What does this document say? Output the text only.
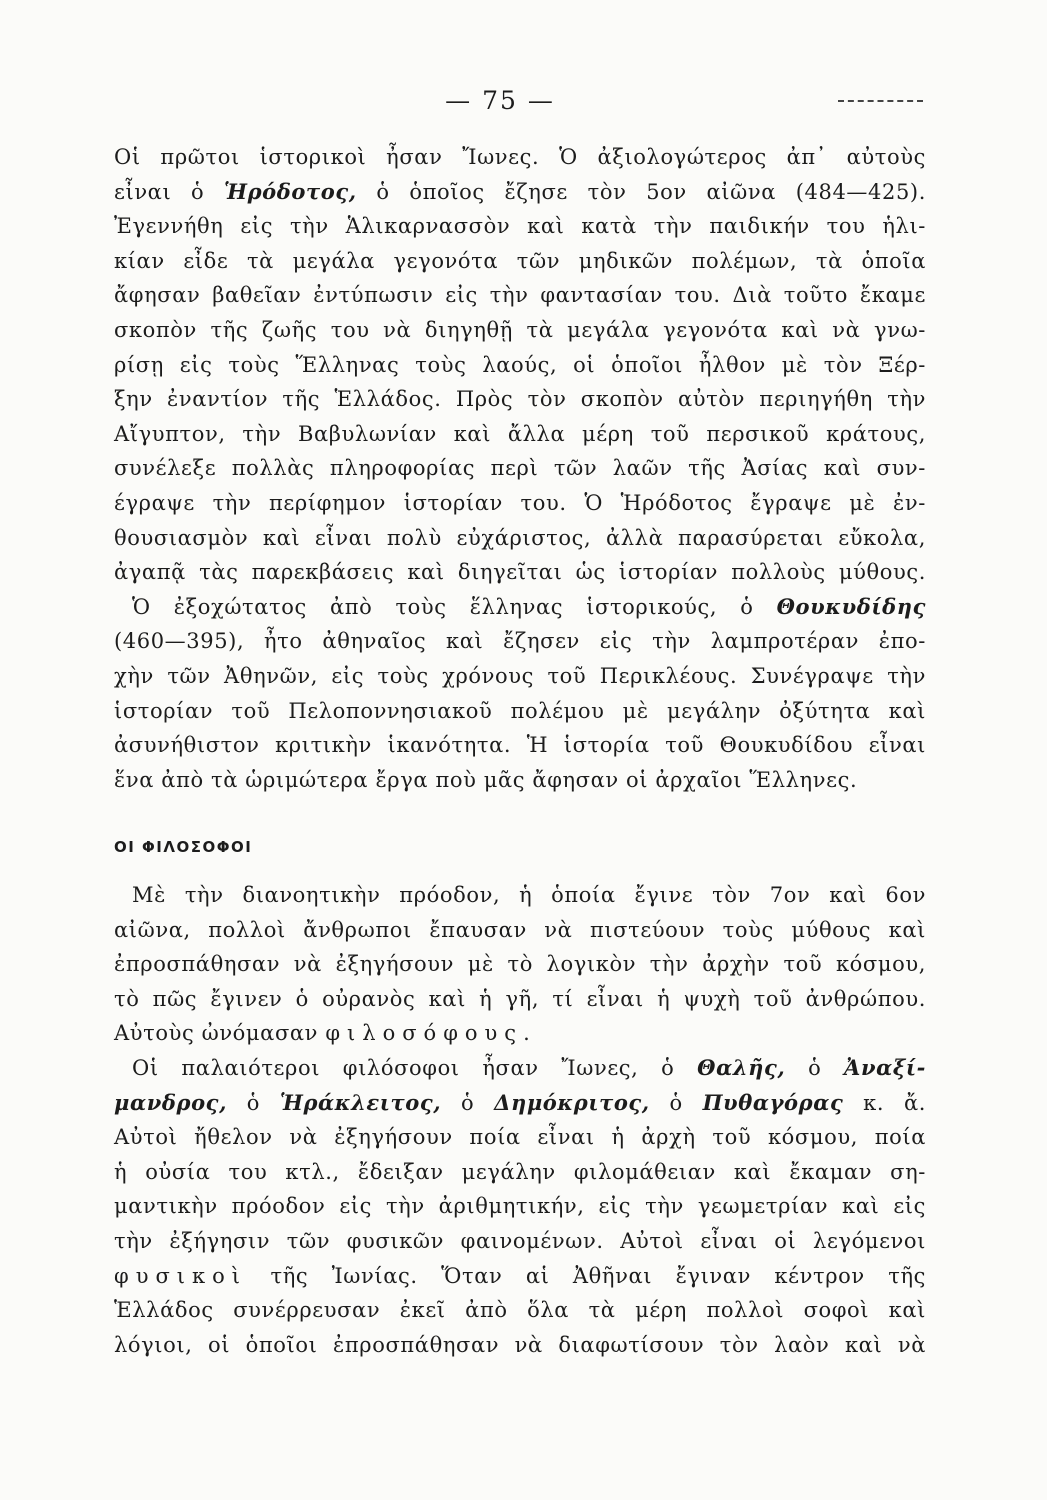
— 75 —
Οἱ πρῶτοι ἱστορικοὶ ἦσαν Ἴωνες. Ὁ ἀξιολογώτερος ἀπ᾽ αὐτοὺς
εἶναι ὁ Ἡρόδοτος, ὁ ὁποῖος ἔζησε τὸν 5ον αἰῶνα (484—425).
Ἐγεννήθη εἰς τὴν Ἁλικαρνασσὸν καὶ κατὰ τὴν παιδικήν του ἡλι-
κίαν εἶδε τὰ μεγάλα γεγονότα τῶν μηδικῶν πολέμων, τὰ ὁποῖα
ἄφησαν βαθεῖαν ἐντύπωσιν εἰς τὴν φαντασίαν του. Διὰ τοῦτο ἔκαμε
σκοπὸν τῆς ζωῆς του νὰ διηγηθῇ τὰ μεγάλα γεγονότα καὶ νὰ γνω-
ρίσῃ εἰς τοὺς Ἕλληνας τοὺς λαούς, οἱ ὁποῖοι ἦλθον μὲ τὸν Ξέρ-
ξην ἐναντίον τῆς Ἑλλάδος. Πρὸς τὸν σκοπὸν αὐτὸν περιηγήθη τὴν
Αἴγυπτον, τὴν Βαβυλωνίαν καὶ ἄλλα μέρη τοῦ περσικοῦ κράτους,
συνέλεξε πολλὰς πληροφορίας περὶ τῶν λαῶν τῆς Ἀσίας καὶ συν-
έγραψε τὴν περίφημον ἱστορίαν του. Ὁ Ἡρόδοτος ἔγραψε μὲ ἐν-
θουσιασμὸν καὶ εἶναι πολὺ εὐχάριστος, ἀλλὰ παρασύρεται εὔκολα,
ἀγαπᾷ τὰς παρεκβάσεις καὶ διηγεῖται ὡς ἱστορίαν πολλοὺς μύθους.
Ὁ ἐξοχώτατος ἀπὸ τοὺς ἕλληνας ἱστορικούς, ὁ Θουκυδίδης
(460—395), ἦτο ἀθηναῖος καὶ ἔζησεν εἰς τὴν λαμπροτέραν ἐπο-
χὴν τῶν Ἀθηνῶν, εἰς τοὺς χρόνους τοῦ Περικλέους. Συνέγραψε τὴν
ἱστορίαν τοῦ Πελοποννησιακοῦ πολέμου μὲ μεγάλην ὀξύτητα καὶ
ἀσυνήθιστον κριτικὴν ἱκανότητα. Ἡ ἱστορία τοῦ Θουκυδίδου εἶναι
ἕνα ἀπὸ τὰ ὡριμώτερα ἔργα ποὺ μᾶς ἄφησαν οἱ ἀρχαῖοι Ἕλληνες.
ΟΙ ΦΙΛΟΣΟΦΟΙ
Μὲ τὴν διανοητικὴν πρόοδον, ἡ ὁποία ἔγινε τὸν 7ον καὶ 6ον
αἰῶνα, πολλοὶ ἄνθρωποι ἔπαυσαν νὰ πιστεύουν τοὺς μύθους καὶ
ἐπροσπάθησαν νὰ ἐξηγήσουν μὲ τὸ λογικὸν τὴν ἀρχὴν τοῦ κόσμου,
τὸ πῶς ἔγινεν ὁ οὐρανὸς καὶ ἡ γῆ, τί εἶναι ἡ ψυχὴ τοῦ ἀνθρώπου.
Αὐτοὺς ὠνόμασαν φιλοσόφους.
Οἱ παλαιότεροι φιλόσοφοι ἦσαν Ἴωνες, ὁ Θαλῆς, ὁ Ἀναξί-
μανδρος, ὁ Ἡράκλειτος, ὁ Δημόκριτος, ὁ Πυθαγόρας κ. ἄ.
Αὐτοὶ ἤθελον νὰ ἐξηγήσουν ποία εἶναι ἡ ἀρχὴ τοῦ κόσμου, ποία
ἡ οὐσία του κτλ., ἔδειξαν μεγάλην φιλομάθειαν καὶ ἔκαμαν ση-
μαντικὴν πρόοδον εἰς τὴν ἀριθμητικήν, εἰς τὴν γεωμετρίαν καὶ εἰς
τὴν ἐξήγησιν τῶν φυσικῶν φαινομένων. Αὐτοὶ εἶναι οἱ λεγόμενοι
φυσικοὶ τῆς Ἰωνίας. Ὅταν αἱ Ἀθῆναι ἔγιναν κέντρον τῆς
Ἑλλάδος συνέρρευσαν ἐκεῖ ἀπὸ ὅλα τὰ μέρη πολλοὶ σοφοὶ καὶ
λόγιοι, οἱ ὁποῖοι ἐπροσπάθησαν νὰ διαφωτίσουν τὸν λαὸν καὶ νὰ
